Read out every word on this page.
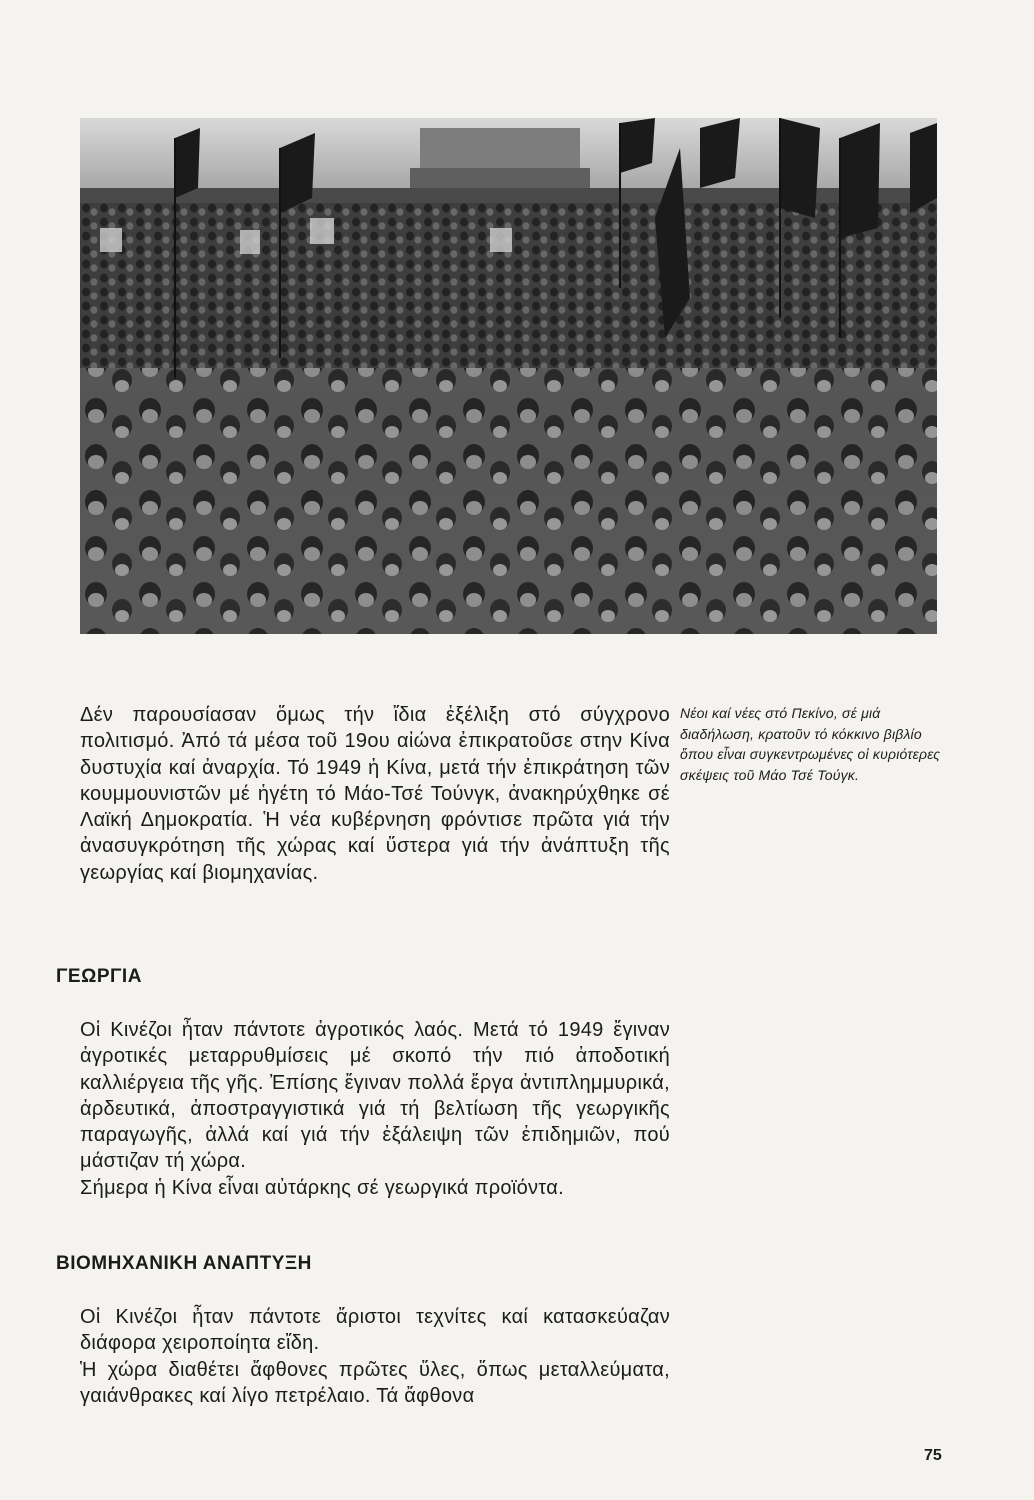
Δέν παρουσίασαν ὅμως τήν ἴδια ἐξέλιξη στό σύγχρονο πολιτισμό. Ἀπό τά μέσα τοῦ 19ου αἰώνα ἐπικρατοῦσε στην Κίνα δυστυχία καί ἀναρχία. Τό 1949 ἡ Κίνα, μετά τήν ἐπικράτηση τῶν κουμμουνιστῶν μέ ἡγέτη τό Μάο-Τσέ Τούνγκ, ἀνακηρύχθηκε σέ Λαϊκή Δημοκρατία. Ἡ νέα κυβέρνηση φρόντισε πρῶτα γιά τήν ἀνασυγκρότηση τῆς χώρας καί ὕστερα γιά τήν ἀνάπτυξη τῆς γεωργίας καί βιομηχανίας.

Νέοι καί νέες στό Πεκίνο, σέ μιά διαδήλωση, κρατοῦν τό κόκκινο βιβλίο ὅπου εἶναι συγκεντρωμένες οἱ κυριότερες σκέψεις τοῦ Μάο Τσέ Τούγκ.
ΓΕΩΡΓΙΑ

Οἱ Κινέζοι ἦταν πάντοτε ἀγροτικός λαός. Μετά τό 1949 ἔγιναν ἀγροτικές μεταρρυθμίσεις μέ σκοπό τήν πιό ἀποδοτική καλλιέργεια τῆς γῆς. Ἐπίσης ἔγιναν πολλά ἔργα ἀντιπλημμυρικά, ἀρδευτικά, ἀποστραγγιστικά γιά τή βελτίωση τῆς γεωργικῆς παραγωγῆς, ἀλλά καί γιά τήν ἐξάλειψη τῶν ἐπιδημιῶν, πού μάστιζαν τή χώρα.

Σήμερα ἡ Κίνα εἶναι αὐτάρκης σέ γεωργικά προϊόντα.

ΒΙΟΜΗΧΑΝΙΚΗ ΑΝΑΠΤΥΞΗ

Οἱ Κινέζοι ἦταν πάντοτε ἄριστοι τεχνίτες καί κατασκεύαζαν διάφορα χειροποίητα εἴδη.

Ἡ χώρα διαθέτει ἄφθονες πρῶτες ὕλες, ὅπως μεταλλεύματα, γαιάνθρακες καί λίγο πετρέλαιο. Τά ἄφθονα

75
